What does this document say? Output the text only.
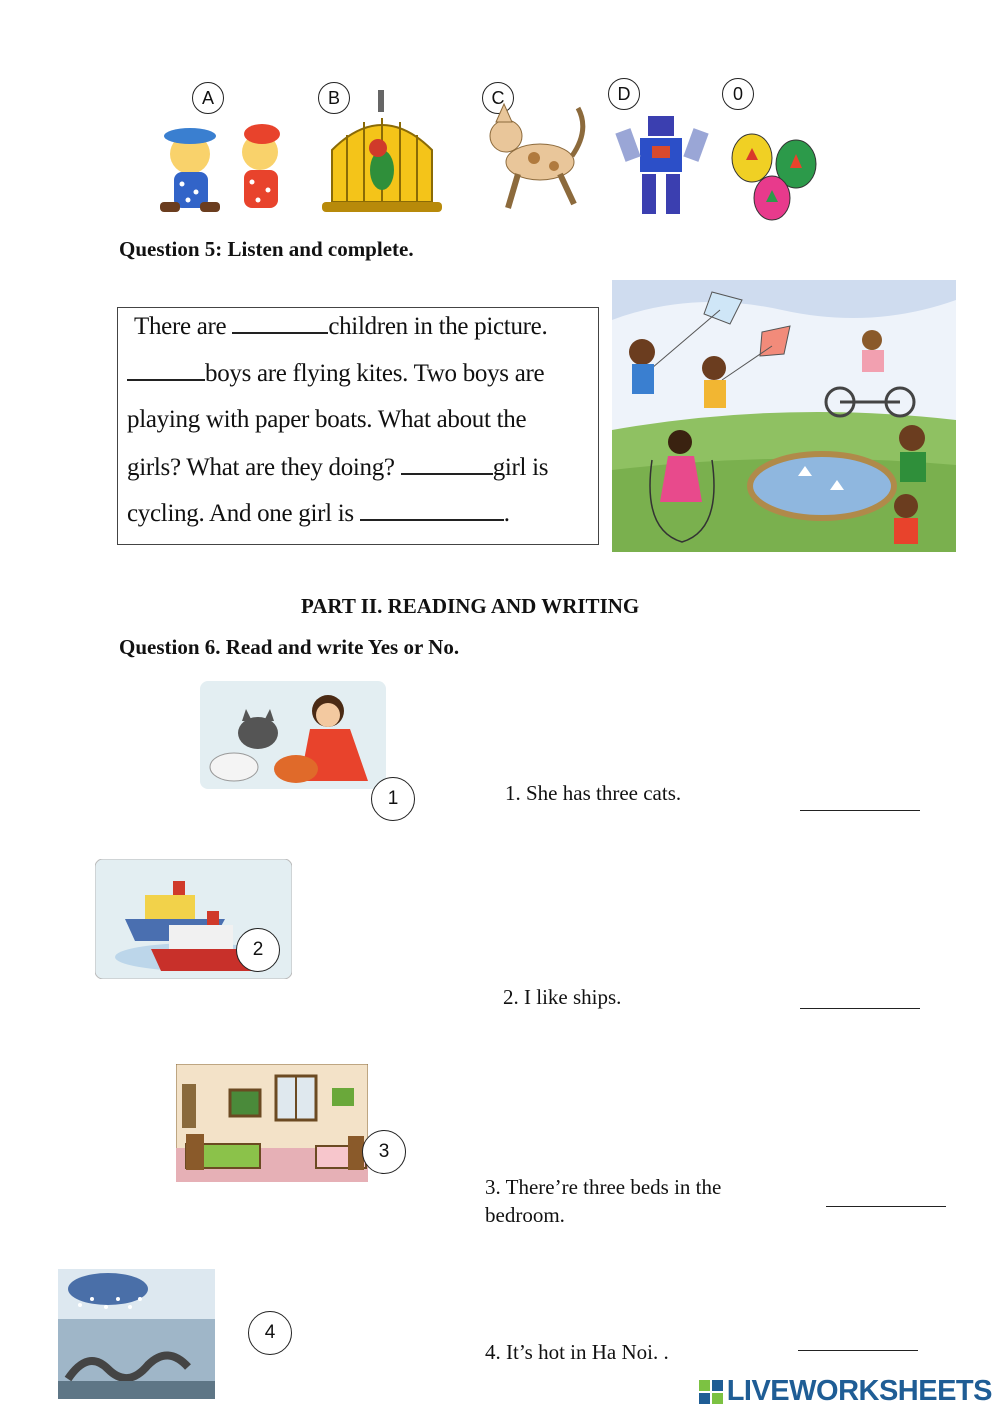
A	B	C	D	0
Question 5: Listen and complete.
There are	children in the picture.
boys are flying kites. Two boys are
playing with paper boats. What about the
girls? What are they doing?	girl is
cycling. And one girl is	.
PART II. READING AND WRITING
Question 6. Read and write Yes or No.
1	1. She has three cats.
2
2. I like ships.
3
3. There’re three beds in the
bedroom.
4
4. It’s hot in Ha Noi. .
LIVEWORKSHEETS
